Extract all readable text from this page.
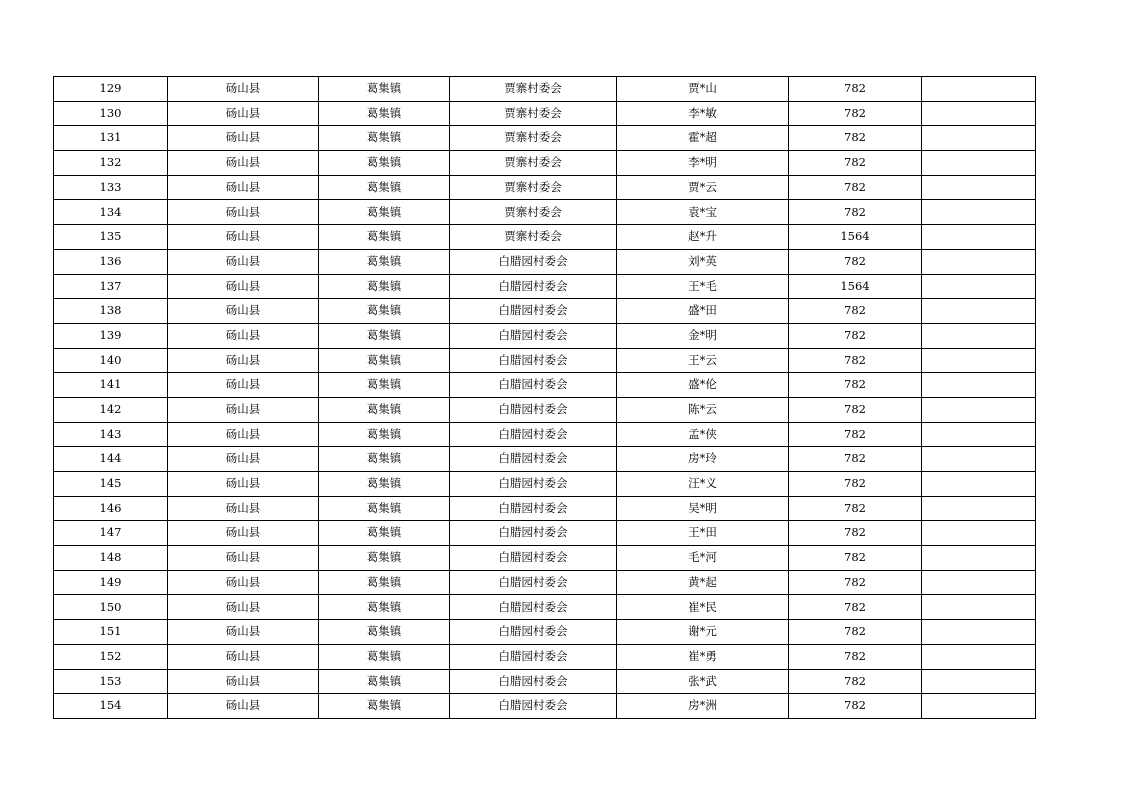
129	砀山县	葛集镇	贾寨村委会	贾*山	782	
130	砀山县	葛集镇	贾寨村委会	李*敏	782	
131	砀山县	葛集镇	贾寨村委会	霍*超	782	
132	砀山县	葛集镇	贾寨村委会	李*明	782	
133	砀山县	葛集镇	贾寨村委会	贾*云	782	
134	砀山县	葛集镇	贾寨村委会	袁*宝	782	
135	砀山县	葛集镇	贾寨村委会	赵*升	1564	
136	砀山县	葛集镇	白腊园村委会	刘*英	782	
137	砀山县	葛集镇	白腊园村委会	王*毛	1564	
138	砀山县	葛集镇	白腊园村委会	盛*田	782	
139	砀山县	葛集镇	白腊园村委会	金*明	782	
140	砀山县	葛集镇	白腊园村委会	王*云	782	
141	砀山县	葛集镇	白腊园村委会	盛*伦	782	
142	砀山县	葛集镇	白腊园村委会	陈*云	782	
143	砀山县	葛集镇	白腊园村委会	孟*侠	782	
144	砀山县	葛集镇	白腊园村委会	房*玲	782	
145	砀山县	葛集镇	白腊园村委会	汪*义	782	
146	砀山县	葛集镇	白腊园村委会	吴*明	782	
147	砀山县	葛集镇	白腊园村委会	王*田	782	
148	砀山县	葛集镇	白腊园村委会	毛*河	782	
149	砀山县	葛集镇	白腊园村委会	黄*起	782	
150	砀山县	葛集镇	白腊园村委会	崔*民	782	
151	砀山县	葛集镇	白腊园村委会	谢*元	782	
152	砀山县	葛集镇	白腊园村委会	崔*勇	782	
153	砀山县	葛集镇	白腊园村委会	张*武	782	
154	砀山县	葛集镇	白腊园村委会	房*洲	782	
